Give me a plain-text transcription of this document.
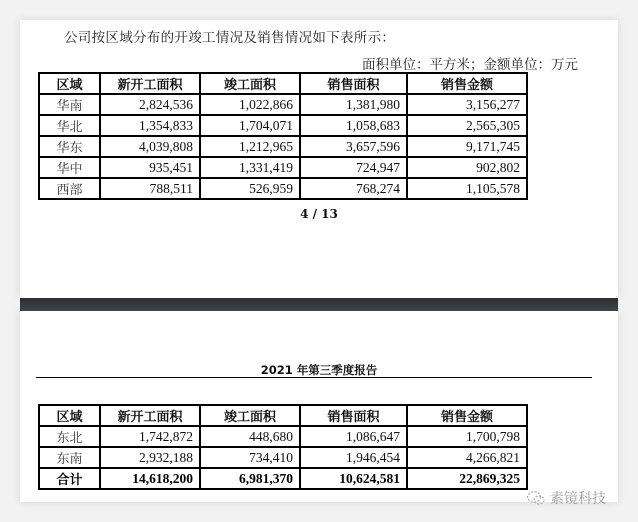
公司按区域分布的开竣工情况及销售情况如下表所示：
面积单位：平方米；金额单位：万元
区域	新开工面积	竣工面积	销售面积	销售金额
华南	2,824,536	1,022,866	1,381,980	3,156,277
华北	1,354,833	1,704,071	1,058,683	2,565,305
华东	4,039,808	1,212,965	3,657,596	9,171,745
华中	935,451	1,331,419	724,947	902,802
西部	788,511	526,959	768,274	1,105,578
4 / 13
2021 年第三季度报告
区域	新开工面积	竣工面积	销售面积	销售金额
东北	1,742,872	448,680	1,086,647	1,700,798
东南	2,932,188	734,410	1,946,454	4,266,821
合计	14,618,200	6,981,370	10,624,581	22,869,325
素镜科技
